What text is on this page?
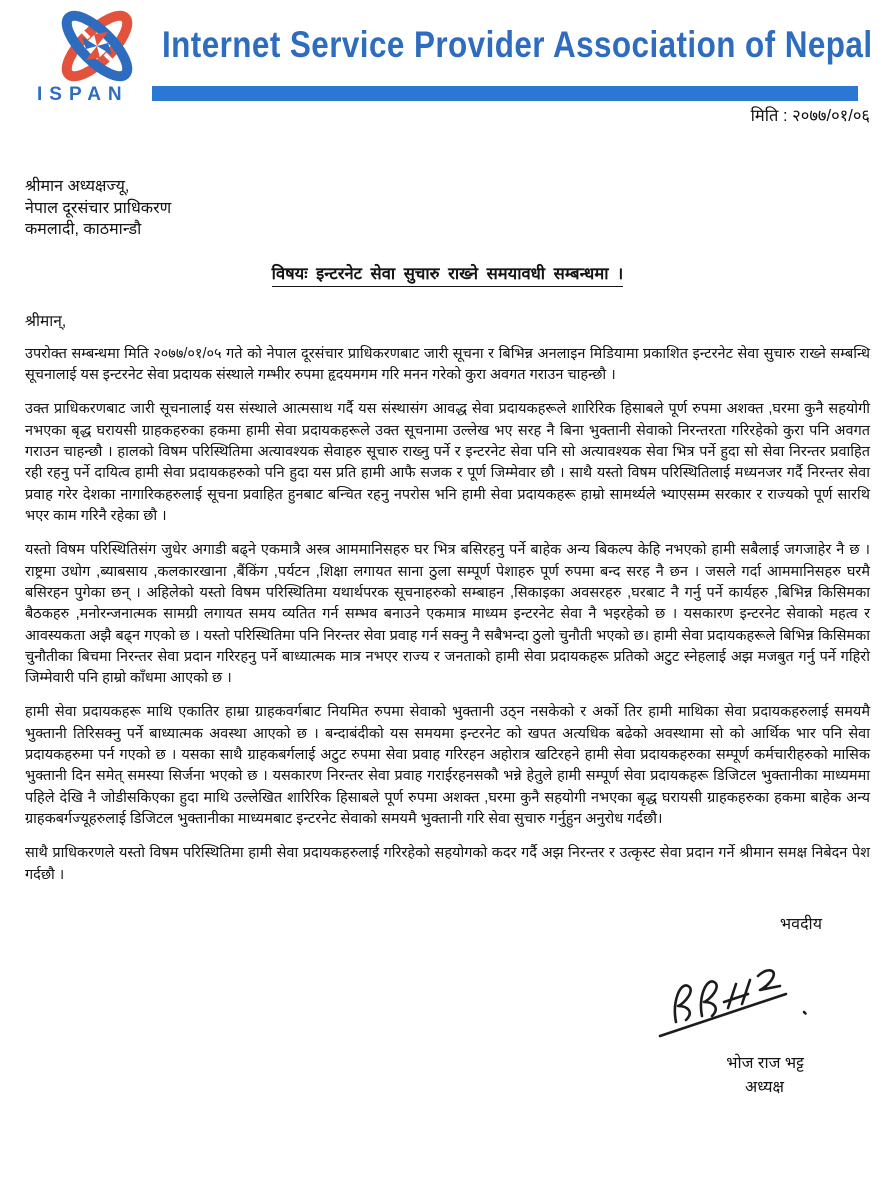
ISPAN
Internet Service Provider Association of Nepal
मिति : २०७७/०१/०६
श्रीमान अध्यक्षज्यू,
नेपाल दूरसंचार प्राधिकरण
कमलादी, काठमान्डौ
विषयः इन्टरनेट सेवा सुचारु राख्ने समयावधी सम्बन्धमा ।
श्रीमान्,
उपरोक्त सम्बन्धमा मिति २०७७/०१/०५ गते को नेपाल दूरसंचार प्राधिकरणबाट जारी सूचना र बिभिन्न अनलाइन मिडियामा प्रकाशित इन्टरनेट सेवा सुचारु राख्ने सम्बन्धि सूचनालाई यस इन्टरनेट सेवा प्रदायक संस्थाले गम्भीर रुपमा हृदयमगम गरि मनन गरेको कुरा अवगत गराउन चाहन्छौ ।
उक्त प्राधिकरणबाट जारी सूचनालाई यस संस्थाले आत्मसाथ गर्दै यस संस्थासंग आवद्ध सेवा प्रदायकहरूले शारिरिक हिसाबले पूर्ण रुपमा अशक्त ,घरमा कुनै सहयोगी नभएका बृद्ध घरायसी ग्राहकहरुका हकमा हामी सेवा प्रदायकहरूले उक्त सूचनामा उल्लेख भए सरह नै बिना भुक्तानी सेवाको निरन्तरता गरिरहेको कुरा पनि अवगत गराउन चाहन्छौ । हालको विषम परिस्थितिमा अत्यावश्यक सेवाहरु सूचारु राख्नु पर्ने र इन्टरनेट सेवा पनि सो अत्यावश्यक सेवा भित्र पर्ने हुदा सो सेवा निरन्तर प्रवाहित रही रहनु पर्ने दायित्व हामी सेवा प्रदायकहरुको पनि हुदा यस प्रति हामी आफै सजक र पूर्ण जिम्मेवार छौ । साथै यस्तो विषम परिस्थितिलाई मध्यनजर गर्दै निरन्तर सेवा प्रवाह गरेर देशका नागारिकहरुलाई सूचना प्रवाहित हुनबाट बन्चित रहनु नपरोस भनि हामी सेवा प्रदायकहरू हाम्रो सामर्थ्यले भ्याएसम्म सरकार र राज्यको पूर्ण सारथि भएर काम गरिनै रहेका छौ ।
यस्तो विषम परिस्थितिसंग जुधेर अगाडी बढ्ने एकमात्रै अस्त्र आममानिसहरु घर भित्र बसिरहनु पर्ने बाहेक अन्य बिकल्प केहि नभएको हामी सबैलाई जगजाहेर नै छ । राष्ट्रमा उधोग ,ब्याबसाय ,कलकारखाना ,बैंकिंग ,पर्यटन ,शिक्षा लगायत साना ठुला सम्पूर्ण पेशाहरु पूर्ण रुपमा बन्द सरह नै छन । जसले गर्दा आममानिसहरु घरमै बसिरहन पुगेका छन् । अहिलेको यस्तो विषम परिस्थितिमा यथार्थपरक सूचनाहरुको सम्बाहन ,सिकाइका अवसरहरु ,घरबाट नै गर्नु पर्ने कार्यहरु ,बिभिन्न किसिमका बैठकहरु ,मनोरन्जनात्मक सामग्री लगायत समय व्यतित गर्न सम्भव बनाउने एकमात्र माध्यम इन्टरनेट सेवा नै भइरहेको छ । यसकारण इन्टरनेट सेवाको महत्व र आवस्यकता अझै बढ्न गएको छ । यस्तो परिस्थितिमा पनि निरन्तर सेवा प्रवाह गर्न सक्नु नै सबैभन्दा ठुलो चुनौती भएको छ। हामी सेवा प्रदायकहरूले बिभिन्न किसिमका चुनौतीका बिचमा निरन्तर सेवा प्रदान गरिरहनु पर्ने बाध्यात्मक मात्र नभएर राज्य र जनताको हामी सेवा प्रदायकहरू प्रतिको अटुट स्नेहलाई अझ मजबुत गर्नु पर्ने गहिरो जिम्मेवारी पनि हाम्रो काँधमा आएको छ ।
हामी सेवा प्रदायकहरू माथि एकातिर हाम्रा ग्राहकवर्गबाट नियमित रुपमा सेवाको भुक्तानी उठ्न नसकेको र अर्को तिर हामी माथिका सेवा प्रदायकहरुलाई समयमै भुक्तानी तिरिसक्नु पर्ने बाध्यात्मक अवस्था आएको छ । बन्दाबंदीको यस समयमा इन्टरनेट को खपत अत्यधिक बढेको अवस्थामा सो को आर्थिक भार पनि सेवा प्रदायकहरुमा पर्न गएको छ । यसका साथै ग्राहकबर्गलाई अटुट रुपमा सेवा प्रवाह गरिरहन अहोरात्र खटिरहने हामी सेवा प्रदायकहरुका सम्पूर्ण कर्मचारीहरुको मासिक भुक्तानी दिन समेत् समस्या सिर्जना भएको छ । यसकारण निरन्तर सेवा प्रवाह गराईरहनसकौ भन्ने हेतुले हामी सम्पूर्ण सेवा प्रदायकहरू डिजिटल भुक्तानीका माध्यममा पहिले देखि नै जोडीसकिएका हुदा माथि उल्लेखित शारिरिक हिसाबले पूर्ण रुपमा अशक्त ,घरमा कुनै सहयोगी नभएका बृद्ध घरायसी ग्राहकहरुका हकमा बाहेक अन्य ग्राहकबर्गज्यूहरुलाई डिजिटल भुक्तानीका माध्यमबाट इन्टरनेट सेवाको समयमै भुक्तानी गरि सेवा सुचारु गर्नुहुन अनुरोध गर्दछौ।
साथै प्राधिकरणले यस्तो विषम परिस्थितिमा हामी सेवा प्रदायकहरुलाई गरिरहेको सहयोगको कदर गर्दै अझ निरन्तर र उत्कृस्ट सेवा प्रदान गर्ने श्रीमान समक्ष निबेदन पेश गर्दछौ ।
भवदीय
भोज राज भट्ट
अध्यक्ष
